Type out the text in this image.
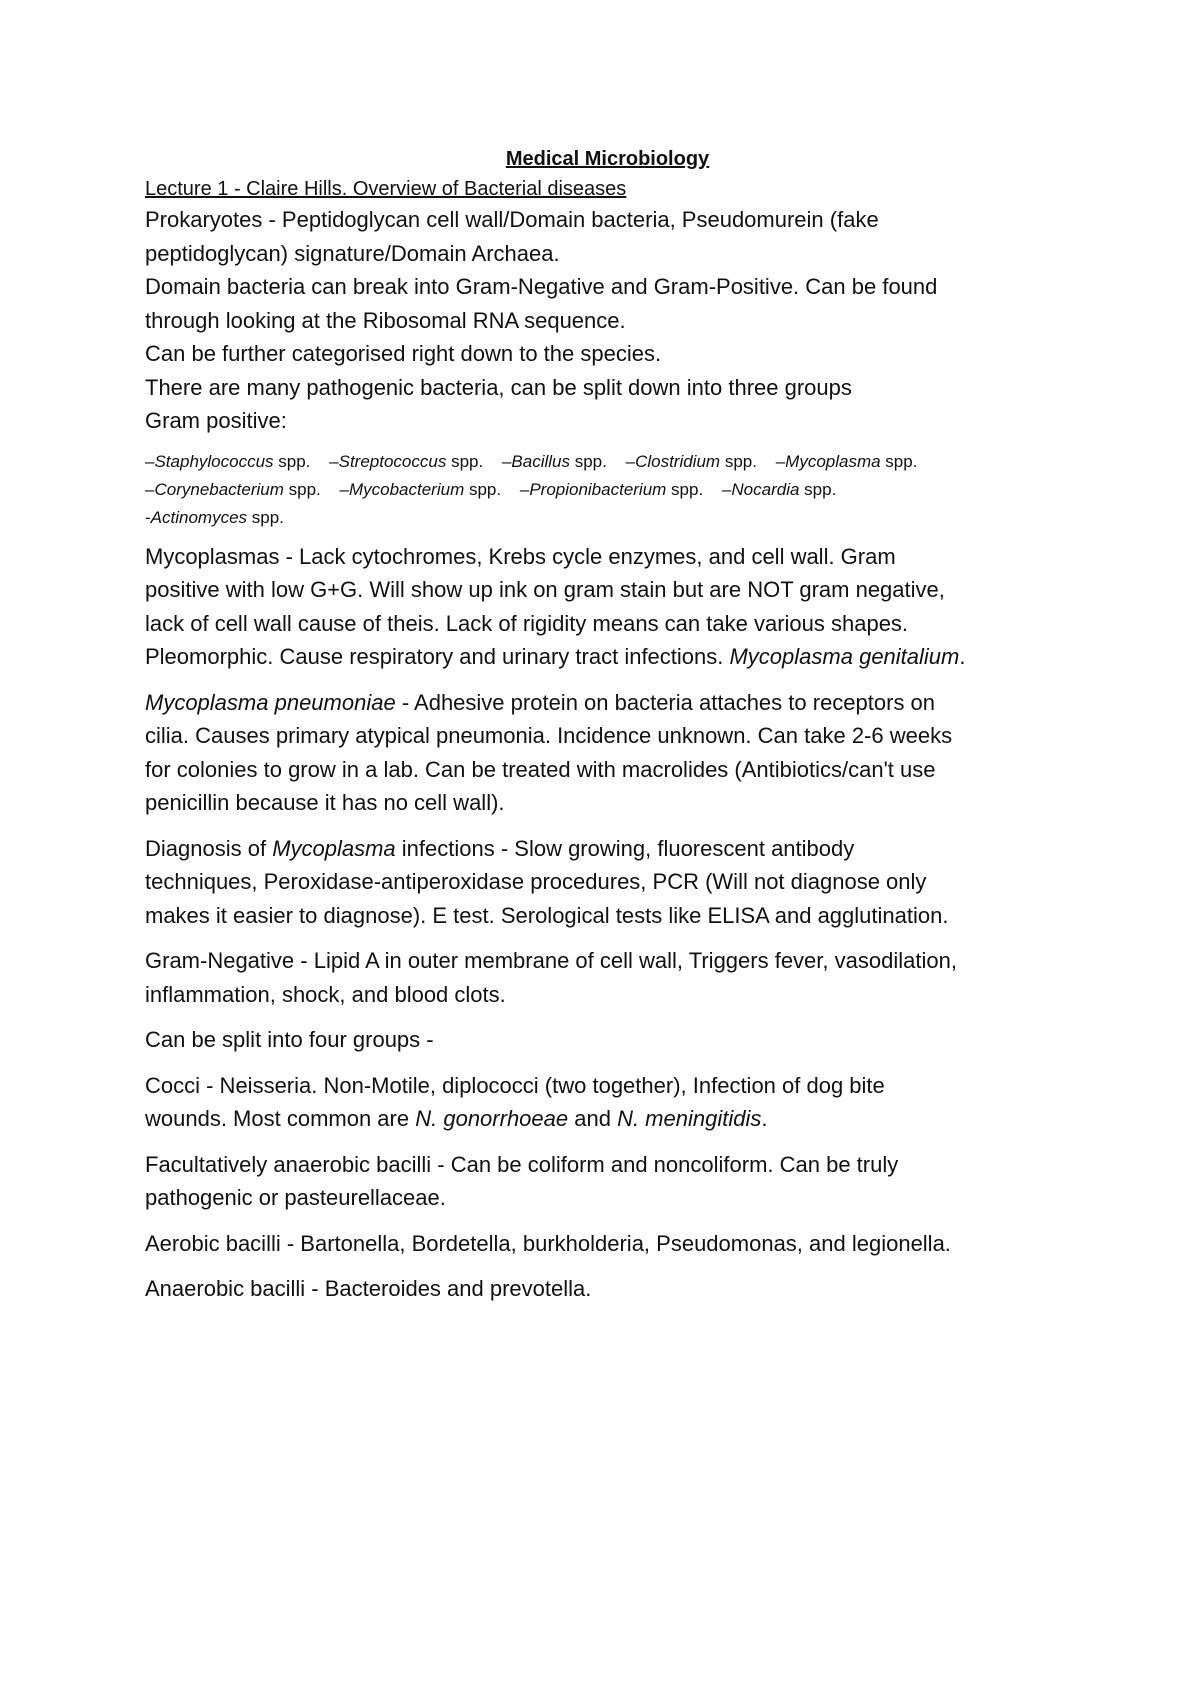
Medical Microbiology
Lecture 1 - Claire Hills. Overview of Bacterial diseases
Prokaryotes - Peptidoglycan cell wall/Domain bacteria, Pseudomurein (fake
peptidoglycan) signature/Domain Archaea.
Domain bacteria can break into Gram-Negative and Gram-Positive. Can be found
through looking at the Ribosomal RNA sequence.
Can be further categorised right down to the species.
There are many pathogenic bacteria, can be split down into three groups
Gram positive:
–Staphylococcus spp. –Streptococcus spp. –Bacillus spp. –Clostridium spp. –Mycoplasma spp.
–Corynebacterium spp. –Mycobacterium spp. –Propionibacterium spp. –Nocardia spp.
-Actinomyces spp.
Mycoplasmas - Lack cytochromes, Krebs cycle enzymes, and cell wall. Gram
positive with low G+G. Will show up ink on gram stain but are NOT gram negative,
lack of cell wall cause of theis. Lack of rigidity means can take various shapes.
Pleomorphic. Cause respiratory and urinary tract infections. Mycoplasma genitalium.
Mycoplasma pneumoniae - Adhesive protein on bacteria attaches to receptors on
cilia. Causes primary atypical pneumonia. Incidence unknown. Can take 2-6 weeks
for colonies to grow in a lab. Can be treated with macrolides (Antibiotics/can't use
penicillin because it has no cell wall).
Diagnosis of Mycoplasma infections - Slow growing, fluorescent antibody
techniques, Peroxidase-antiperoxidase procedures, PCR (Will not diagnose only
makes it easier to diagnose). E test. Serological tests like ELISA and agglutination.
Gram-Negative - Lipid A in outer membrane of cell wall, Triggers fever, vasodilation,
inflammation, shock, and blood clots.
Can be split into four groups -
Cocci - Neisseria. Non-Motile, diplococci (two together), Infection of dog bite
wounds. Most common are N. gonorrhoeae and N. meningitidis.
Facultatively anaerobic bacilli - Can be coliform and noncoliform. Can be truly
pathogenic or pasteurellaceae.
Aerobic bacilli - Bartonella, Bordetella, burkholderia, Pseudomonas, and legionella.
Anaerobic bacilli - Bacteroides and prevotella.
